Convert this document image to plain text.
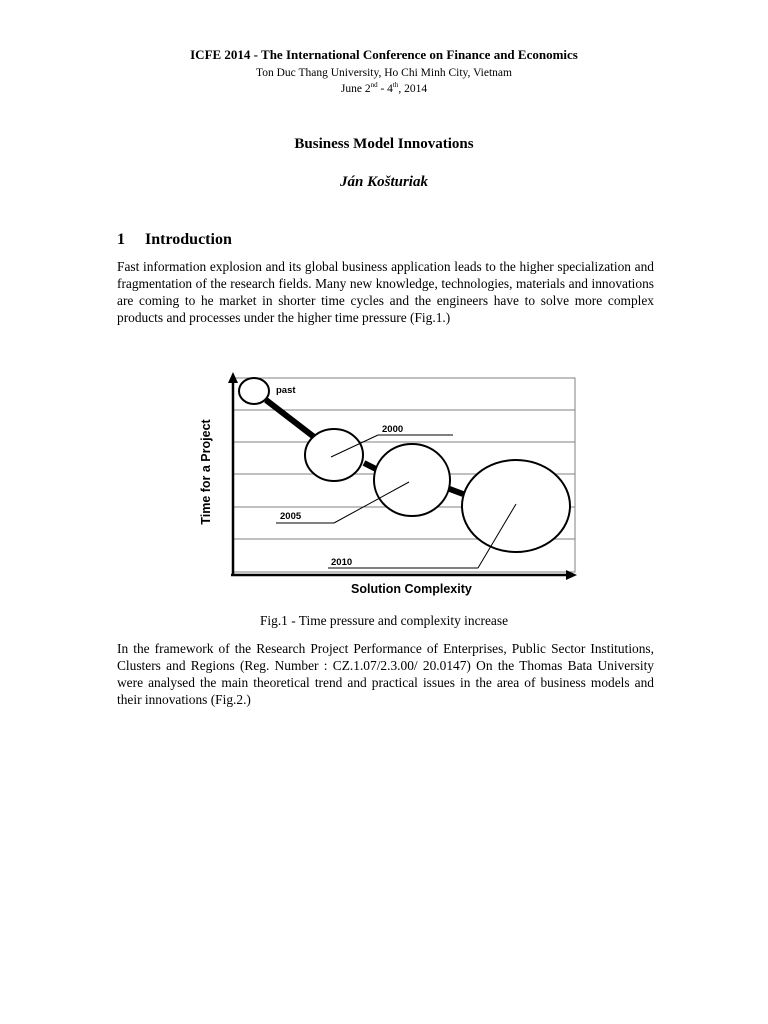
ICFE 2014 - The International Conference on Finance and Economics
Ton Duc Thang University, Ho Chi Minh City, Vietnam
June 2nd - 4th, 2014
Business Model Innovations
Ján Košturiak
1 Introduction
Fast information explosion and its global business application leads to the higher specialization and fragmentation of the research fields. Many new knowledge, technologies, materials and innovations are coming to he market in shorter time cycles and the engineers have to solve more complex products and processes under the higher time pressure (Fig.1.)
past
2000
2005
2010
Solution Complexity
Time for a Project
Fig.1 - Time pressure and complexity increase
In the framework of the Research Project Performance of Enterprises, Public Sector Institutions, Clusters and Regions (Reg. Number : CZ.1.07/2.3.00/ 20.0147) On the Thomas Bata University were analysed the main theoretical trend and practical issues in the area of business models and their innovations (Fig.2.)
